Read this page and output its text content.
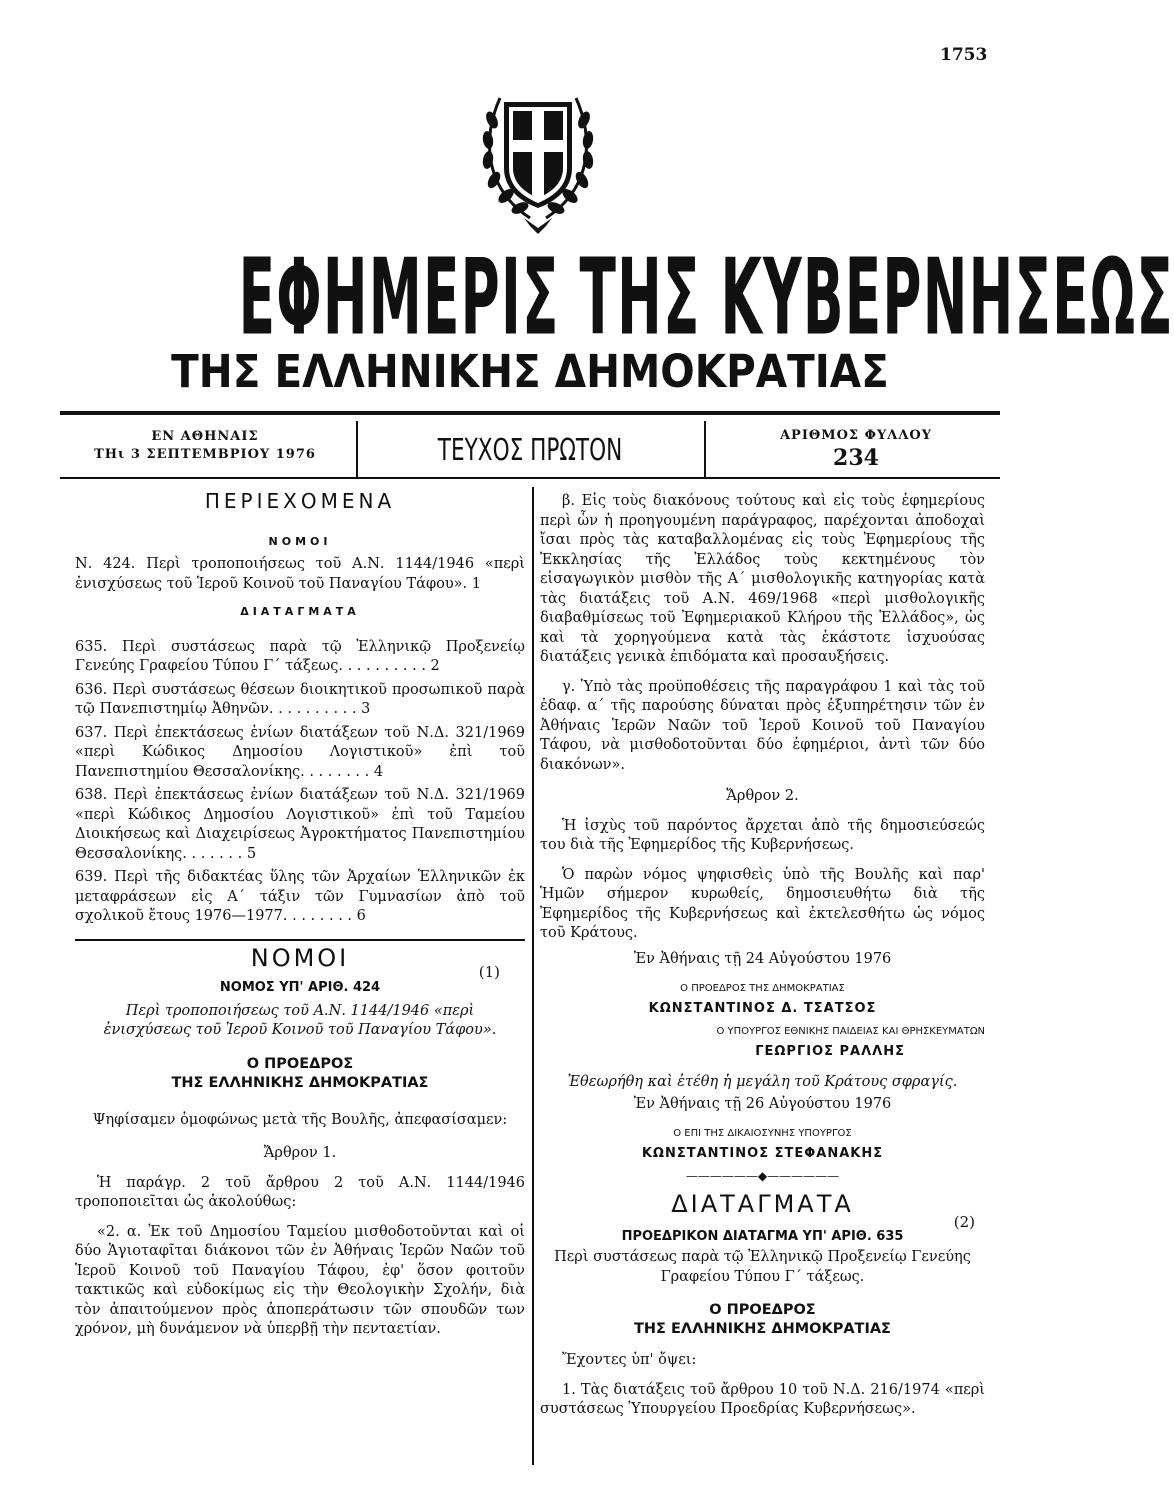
1753
ΕΦΗΜΕΡΙΣ ΤΗΣ ΚΥΒΕΡΝΗΣΕΩΣ
ΤΗΣ ΕΛΛΗΝΙΚΗΣ ΔΗΜΟΚΡΑΤΙΑΣ
ΕΝ ΑΘΗΝΑΙΣ
ΤΗι 3 ΣΕΠΤΕΜΒΡΙΟΥ 1976	ΤΕΥΧΟΣ ΠΡΩΤΟΝ	ΑΡΙΘΜΟΣ ΦΥΛΛΟΥ
234
ΠΕΡΙΕΧΟΜΕΝΑ
ΝΟΜΟΙ
Ν. 424. Περὶ τροποποιήσεως τοῦ Α.Ν. 1144/1946 «περὶ ἐνισχύσεως τοῦ Ἱεροῦ Κοινοῦ τοῦ Παναγίου Τάφου». 1
ΔΙΑΤΑΓΜΑΤΑ
635. Περὶ συστάσεως παρὰ τῷ Ἑλληνικῷ Προξενείῳ Γενεύης Γραφείου Τύπου Γ΄ τάξεως. . . . . . . . . . 2
636. Περὶ συστάσεως θέσεων διοικητικοῦ προσωπικοῦ παρὰ τῷ Πανεπιστημίῳ Ἀθηνῶν. . . . . . . . . . 3
637. Περὶ ἐπεκτάσεως ἐνίων διατάξεων τοῦ Ν.Δ. 321/1969 «περὶ Κώδικος Δημοσίου Λογιστικοῦ» ἐπὶ τοῦ Πανεπιστημίου Θεσσαλονίκης. . . . . . . . 4
638. Περὶ ἐπεκτάσεως ἐνίων διατάξεων τοῦ Ν.Δ. 321/1969 «περὶ Κώδικος Δημοσίου Λογιστικοῦ» ἐπὶ τοῦ Ταμείου Διοικήσεως καὶ Διαχειρίσεως Ἀγροκτήματος Πανεπιστημίου Θεσσαλονίκης. . . . . . . 5
639. Περὶ τῆς διδακτέας ὕλης τῶν Ἀρχαίων Ἑλληνικῶν ἐκ μεταφράσεων εἰς Α΄ τάξιν τῶν Γυμνασίων ἀπὸ τοῦ σχολικοῦ ἔτους 1976—1977. . . . . . . . 6
ΝΟΜΟΙ	(1)
ΝΟΜΟΣ ΥΠ' ΑΡΙΘ. 424
Περὶ τροποποιήσεως τοῦ Α.Ν. 1144/1946 «περὶ ἐνισχύσεως τοῦ Ἱεροῦ Κοινοῦ τοῦ Παναγίου Τάφου».
Ο ΠΡΟΕΔΡΟΣ
ΤΗΣ ΕΛΛΗΝΙΚΗΣ ΔΗΜΟΚΡΑΤΙΑΣ
Ψηφίσαμεν ὁμοφώνως μετὰ τῆς Βουλῆς, ἀπεφασίσαμεν:
Ἄρθρον 1.
Ἡ παράγρ. 2 τοῦ ἄρθρου 2 τοῦ Α.Ν. 1144/1946 τροποποιεῖται ὡς ἀκολούθως:
«2. α. Ἐκ τοῦ Δημοσίου Ταμείου μισθοδοτοῦνται καὶ οἱ δύο Ἁγιοταφῖται διάκονοι τῶν ἐν Ἀθήναις Ἱερῶν Ναῶν τοῦ Ἱεροῦ Κοινοῦ τοῦ Παναγίου Τάφου, ἐφ' ὅσον φοιτοῦν τακτικῶς καὶ εὐδοκίμως εἰς τὴν Θεολογικὴν Σχολήν, διὰ τὸν ἀπαιτούμενον πρὸς ἀποπεράτωσιν τῶν σπουδῶν των χρόνον, μὴ δυνάμενον νὰ ὑπερβῇ τὴν πενταετίαν.
β. Εἰς τοὺς διακόνους τούτους καὶ εἰς τοὺς ἐφημερίους περὶ ὧν ἡ προηγουμένη παράγραφος, παρέχονται ἀποδοχαὶ ἴσαι πρὸς τὰς καταβαλλομένας εἰς τοὺς Ἐφημερίους τῆς Ἐκκλησίας τῆς Ἑλλάδος τοὺς κεκτημένους τὸν εἰσαγωγικὸν μισθὸν τῆς Α΄ μισθολογικῆς κατηγορίας κατὰ τὰς διατάξεις τοῦ Α.Ν. 469/1968 «περὶ μισθολογικῆς διαβαθμίσεως τοῦ Ἐφημεριακοῦ Κλήρου τῆς Ἑλλάδος», ὡς καὶ τὰ χορηγούμενα κατὰ τὰς ἑκάστοτε ἰσχυούσας διατάξεις γενικὰ ἐπιδόματα καὶ προσαυξήσεις.
γ. Ὑπὸ τὰς προϋποθέσεις τῆς παραγράφου 1 καὶ τὰς τοῦ ἐδαφ. α΄ τῆς παρούσης δύναται πρὸς ἐξυπηρέτησιν τῶν ἐν Ἀθήναις Ἱερῶν Ναῶν τοῦ Ἱεροῦ Κοινοῦ τοῦ Παναγίου Τάφου, νὰ μισθοδοτοῦνται δύο ἐφημέριοι, ἀντὶ τῶν δύο διακόνων».
Ἄρθρον 2.
Ἡ ἰσχὺς τοῦ παρόντος ἄρχεται ἀπὸ τῆς δημοσιεύσεώς του διὰ τῆς Ἐφημερίδος τῆς Κυβερνήσεως.
Ὁ παρὼν νόμος ψηφισθεὶς ὑπὸ τῆς Βουλῆς καὶ παρ' Ἡμῶν σήμερον κυρωθείς, δημοσιευθήτω διὰ τῆς Ἐφημερίδος τῆς Κυβερνήσεως καὶ ἐκτελεσθήτω ὡς νόμος τοῦ Κράτους.
Ἐν Ἀθήναις τῇ 24 Αὐγούστου 1976
Ο ΠΡΟΕΔΡΟΣ ΤΗΣ ΔΗΜΟΚΡΑΤΙΑΣ
ΚΩΝΣΤΑΝΤΙΝΟΣ Δ. ΤΣΑΤΣΟΣ
Ο ΥΠΟΥΡΓΟΣ ΕΘΝΙΚΗΣ ΠΑΙΔΕΙΑΣ ΚΑΙ ΘΡΗΣΚΕΥΜΑΤΩΝ
ΓΕΩΡΓΙΟΣ ΡΑΛΛΗΣ
Ἐθεωρήθη καὶ ἐτέθη ἡ μεγάλη τοῦ Κράτους σφραγίς.
Ἐν Ἀθήναις τῇ 26 Αὐγούστου 1976
Ο ΕΠΙ ΤΗΣ ΔΙΚΑΙΟΣΥΝΗΣ ΥΠΟΥΡΓΟΣ
ΚΩΝΣΤΑΝΤΙΝΟΣ ΣΤΕΦΑΝΑΚΗΣ
——————◆——————
ΔΙΑΤΑΓΜΑΤΑ
(2)
ΠΡΟΕΔΡΙΚΟΝ ΔΙΑΤΑΓΜΑ ΥΠ' ΑΡΙΘ. 635
Περὶ συστάσεως παρὰ τῷ Ἑλληνικῷ Προξενείῳ Γενεύης Γραφείου Τύπου Γ΄ τάξεως.
Ο ΠΡΟΕΔΡΟΣ
ΤΗΣ ΕΛΛΗΝΙΚΗΣ ΔΗΜΟΚΡΑΤΙΑΣ
Ἔχοντες ὑπ' ὄψει:
1. Τὰς διατάξεις τοῦ ἄρθρου 10 τοῦ Ν.Δ. 216/1974 «περὶ συστάσεως Ὑπουργείου Προεδρίας Κυβερνήσεως».
